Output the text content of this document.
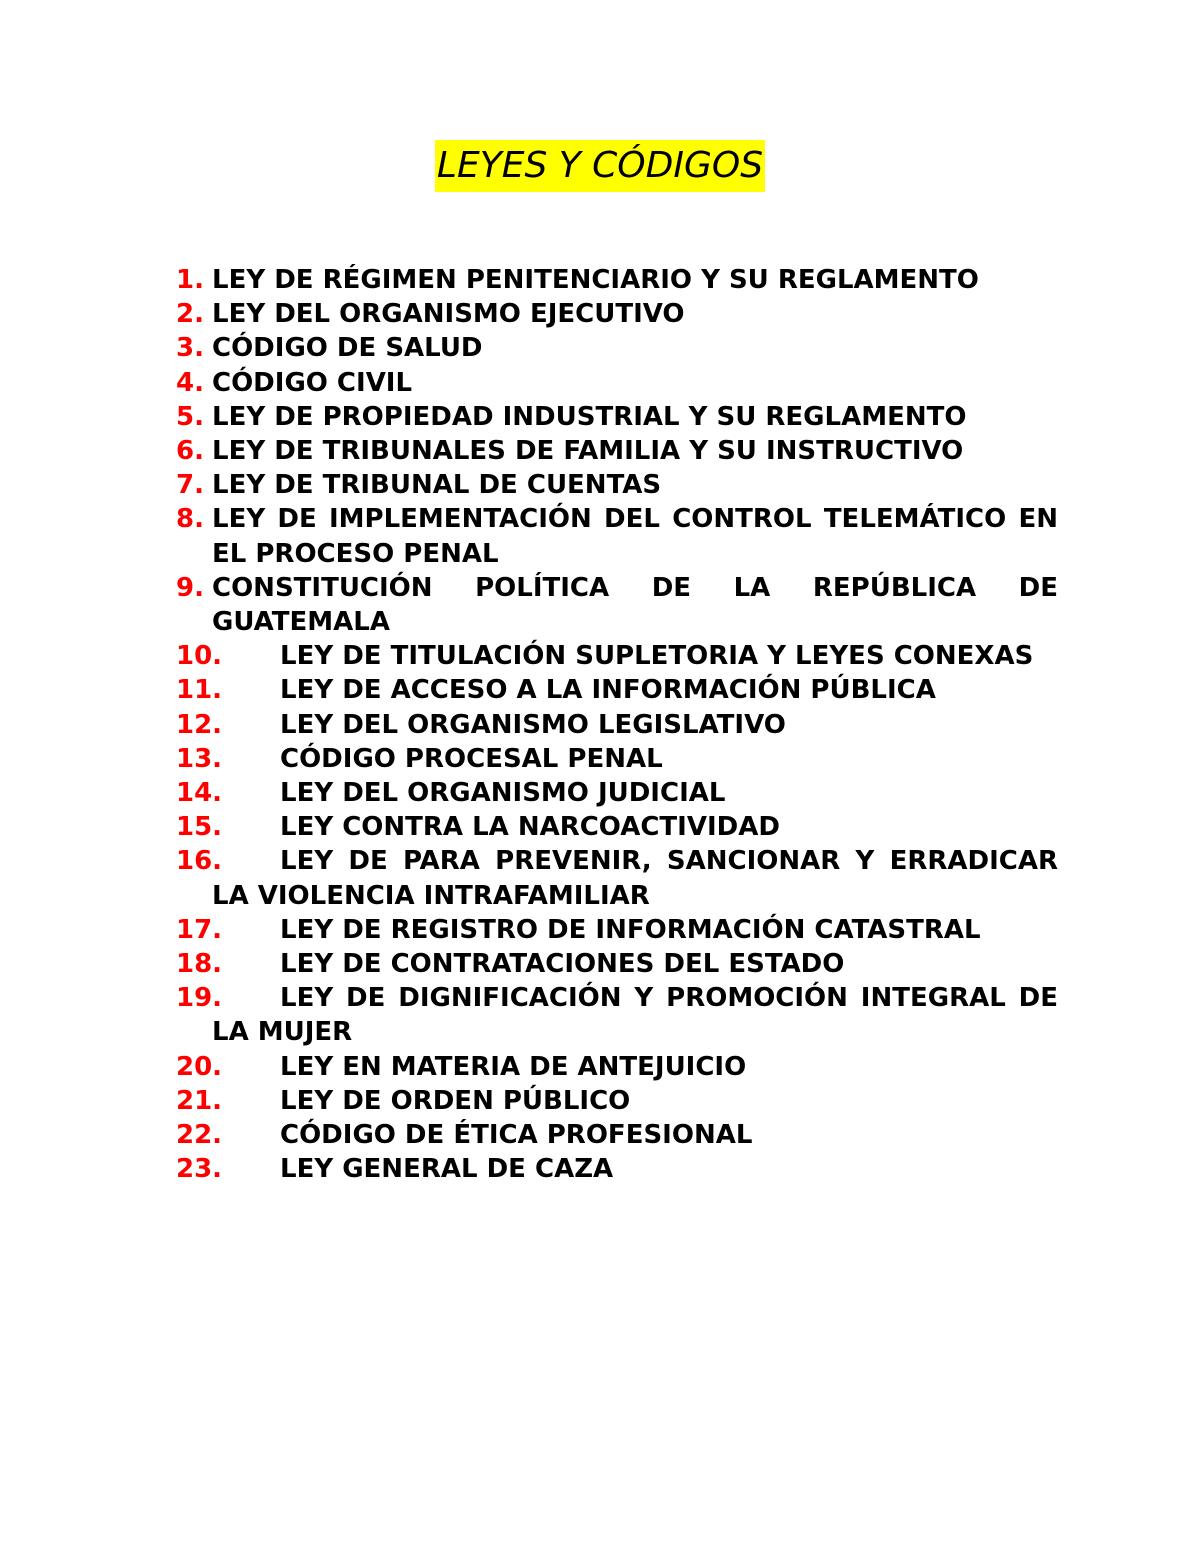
LEYES Y CÓDIGOS
1. LEY DE RÉGIMEN PENITENCIARIO Y SU REGLAMENTO
2. LEY DEL ORGANISMO EJECUTIVO
3. CÓDIGO DE SALUD
4. CÓDIGO CIVIL
5. LEY DE PROPIEDAD INDUSTRIAL Y SU REGLAMENTO
6. LEY DE TRIBUNALES DE FAMILIA Y SU INSTRUCTIVO
7. LEY DE TRIBUNAL DE CUENTAS
8. LEY DE IMPLEMENTACIÓN DEL CONTROL TELEMÁTICO EN EL PROCESO PENAL
9. CONSTITUCIÓN POLÍTICA DE LA REPÚBLICA DE GUATEMALA
10.	LEY DE TITULACIÓN SUPLETORIA Y LEYES CONEXAS
11.	LEY DE ACCESO A LA INFORMACIÓN PÚBLICA
12.	LEY DEL ORGANISMO LEGISLATIVO
13.	CÓDIGO PROCESAL PENAL
14.	LEY DEL ORGANISMO JUDICIAL
15.	LEY CONTRA LA NARCOACTIVIDAD
16.	LEY DE PARA PREVENIR, SANCIONAR Y ERRADICAR LA VIOLENCIA INTRAFAMILIAR
17.	LEY DE REGISTRO DE INFORMACIÓN CATASTRAL
18.	LEY DE CONTRATACIONES DEL ESTADO
19.	LEY DE DIGNIFICACIÓN Y PROMOCIÓN INTEGRAL DE LA MUJER
20.	LEY EN MATERIA DE ANTEJUICIO
21.	LEY DE ORDEN PÚBLICO
22.	CÓDIGO DE ÉTICA PROFESIONAL
23.	LEY GENERAL DE CAZA
